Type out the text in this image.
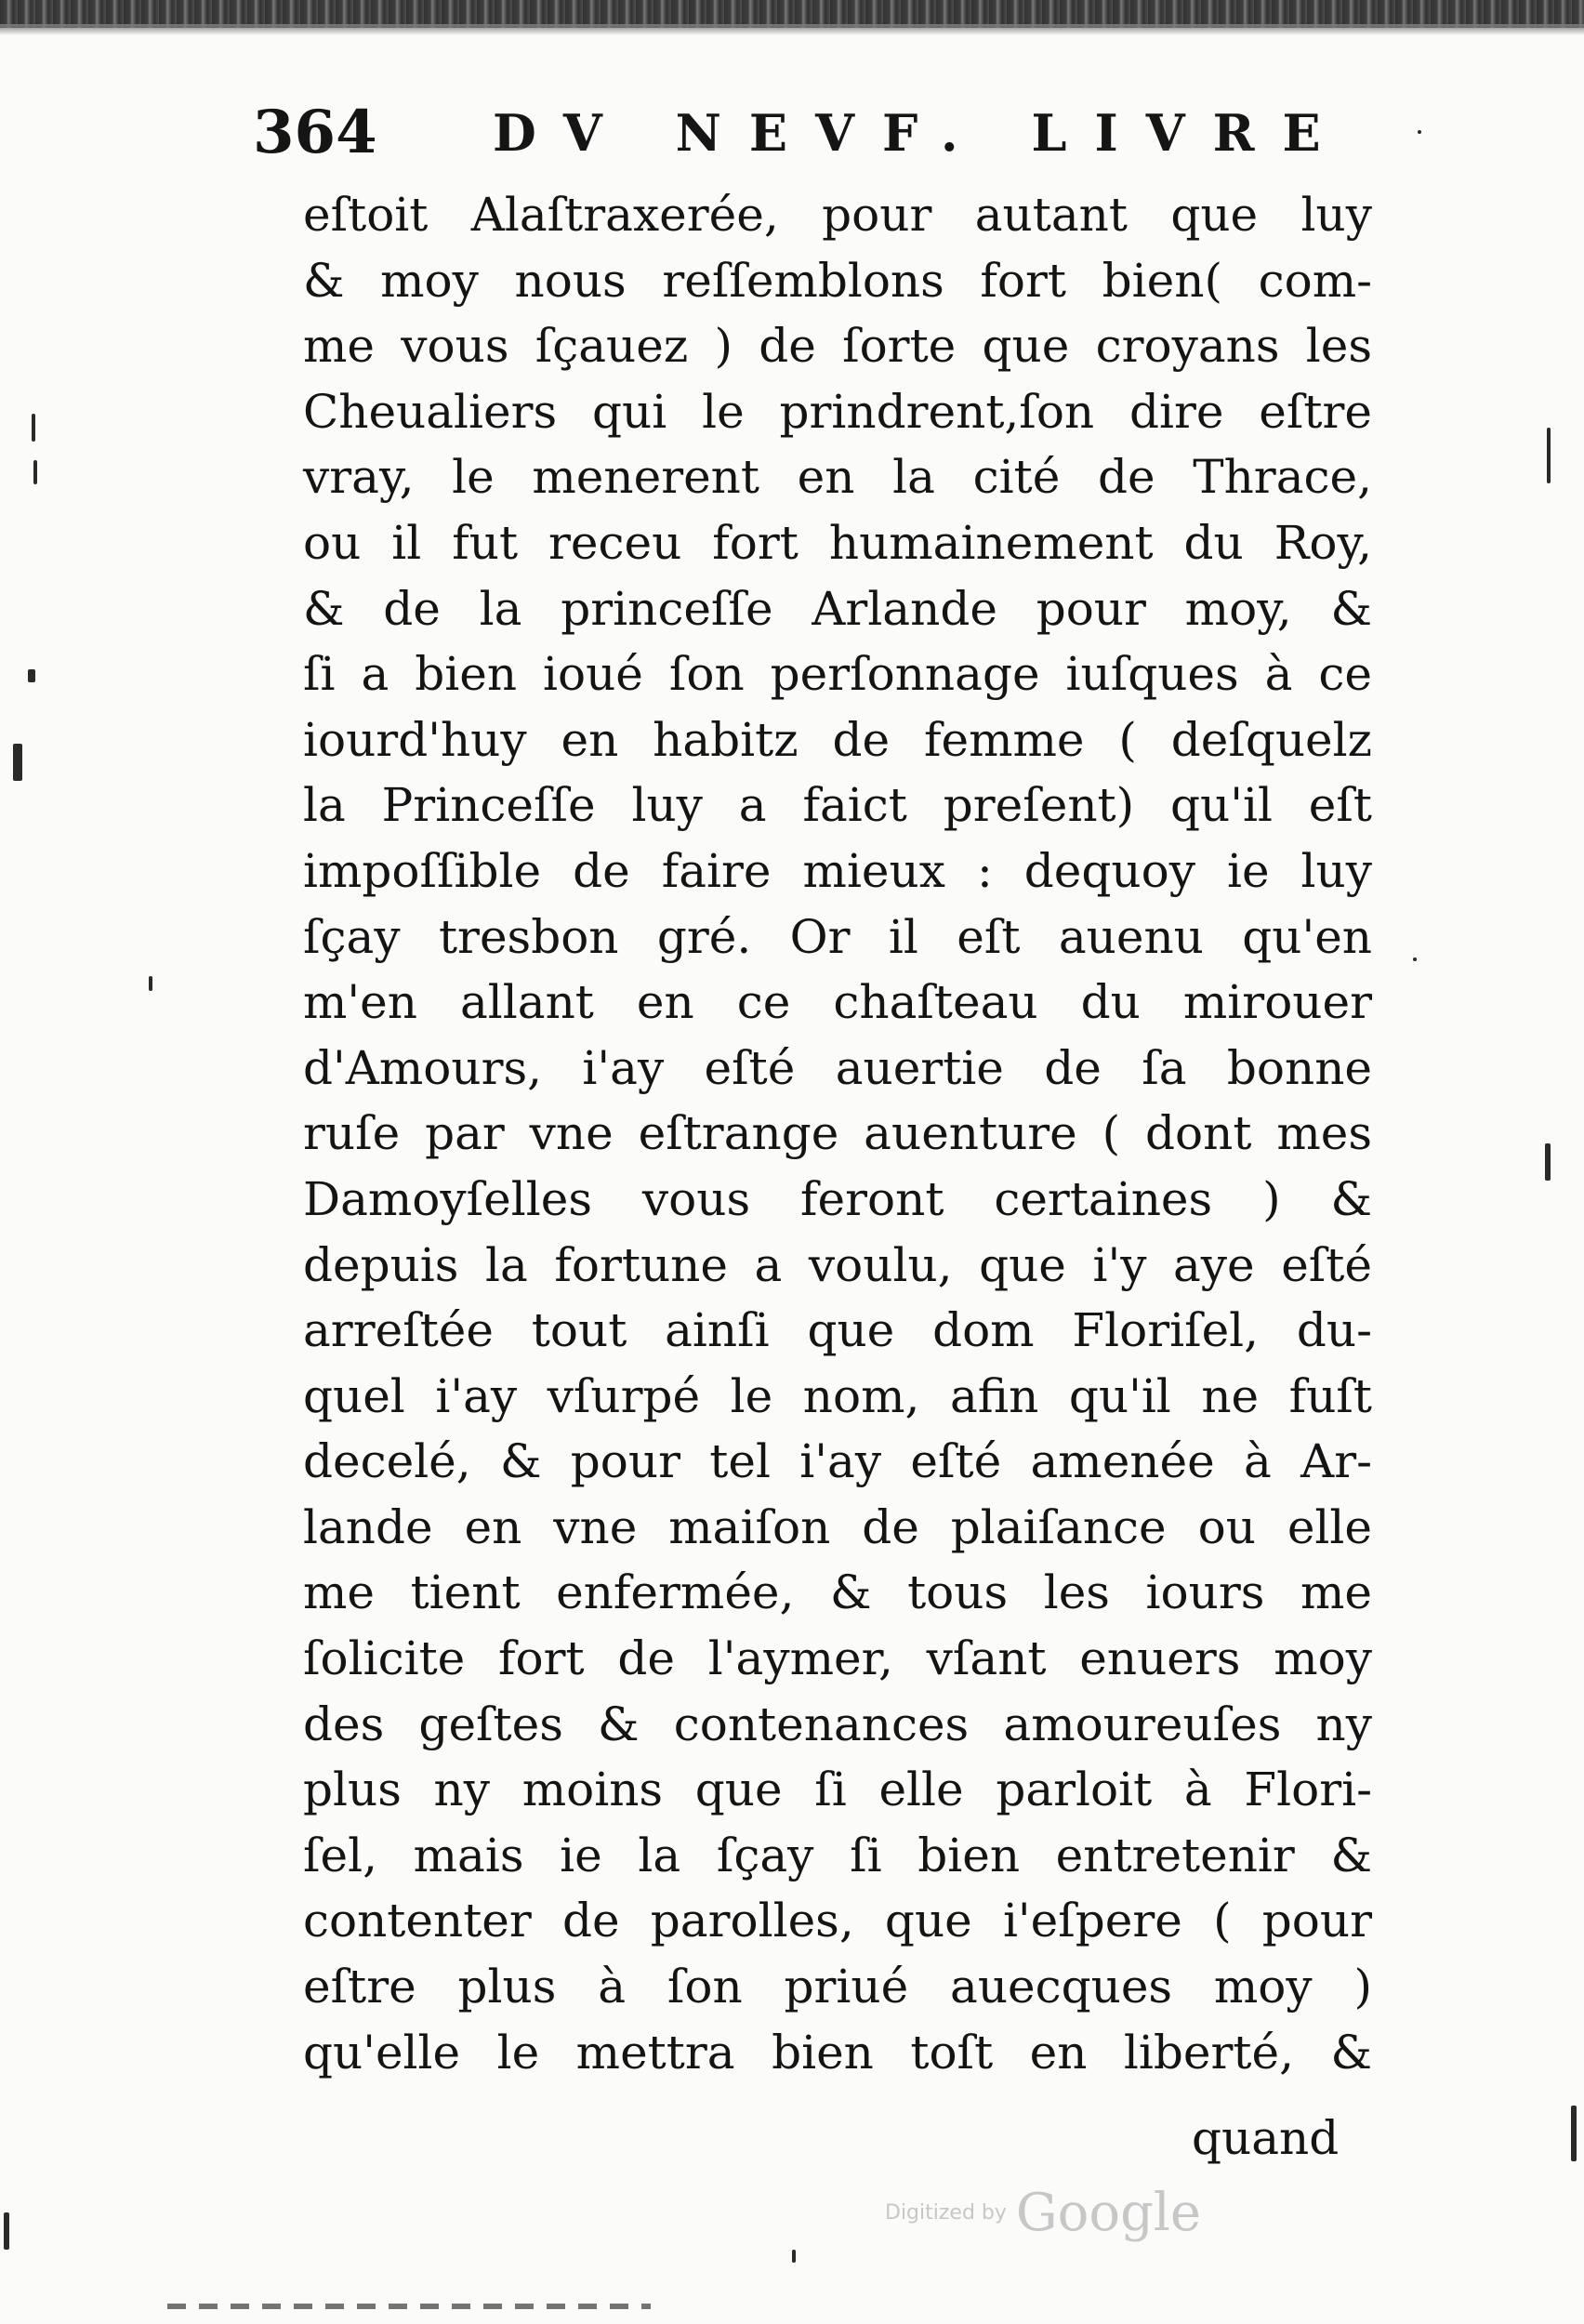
364 DV NEVF. LIVRE
eſtoit Alaſtraxerée, pour autant que luy
& moy nous reſſemblons fort bien( com-
me vous ſçauez ) de ſorte que croyans les
Cheualiers qui le prindrent,ſon dire eſtre
vray, le menerent en la cité de Thrace,
ou il fut receu fort humainement du Roy,
& de la princeſſe Arlande pour moy, &
ſi a bien ioué ſon perſonnage iuſques à ce
iourd'huy en habitz de femme ( deſquelz
la Princeſſe luy a faict preſent) qu'il eſt
impoſſible de faire mieux : dequoy ie luy
ſçay tresbon gré. Or il eſt auenu qu'en
m'en allant en ce chaſteau du mirouer
d'Amours, i'ay eſté auertie de ſa bonne
ruſe par vne eſtrange auenture ( dont mes
Damoyſelles vous feront certaines ) &
depuis la fortune a voulu, que i'y aye eſté
arreſtée tout ainſi que dom Floriſel, du-
quel i'ay vſurpé le nom, afin qu'il ne fuſt
decelé, & pour tel i'ay eſté amenée à Ar-
lande en vne maiſon de plaiſance ou elle
me tient enfermée, & tous les iours me
ſolicite fort de l'aymer, vſant enuers moy
des geſtes & contenances amoureuſes ny
plus ny moins que ſi elle parloit à Flori-
ſel, mais ie la ſçay ſi bien entretenir &
contenter de parolles, que i'eſpere ( pour
eſtre plus à ſon priué auecques moy )
qu'elle le mettra bien toſt en liberté, &
quand
Digitized by Google
